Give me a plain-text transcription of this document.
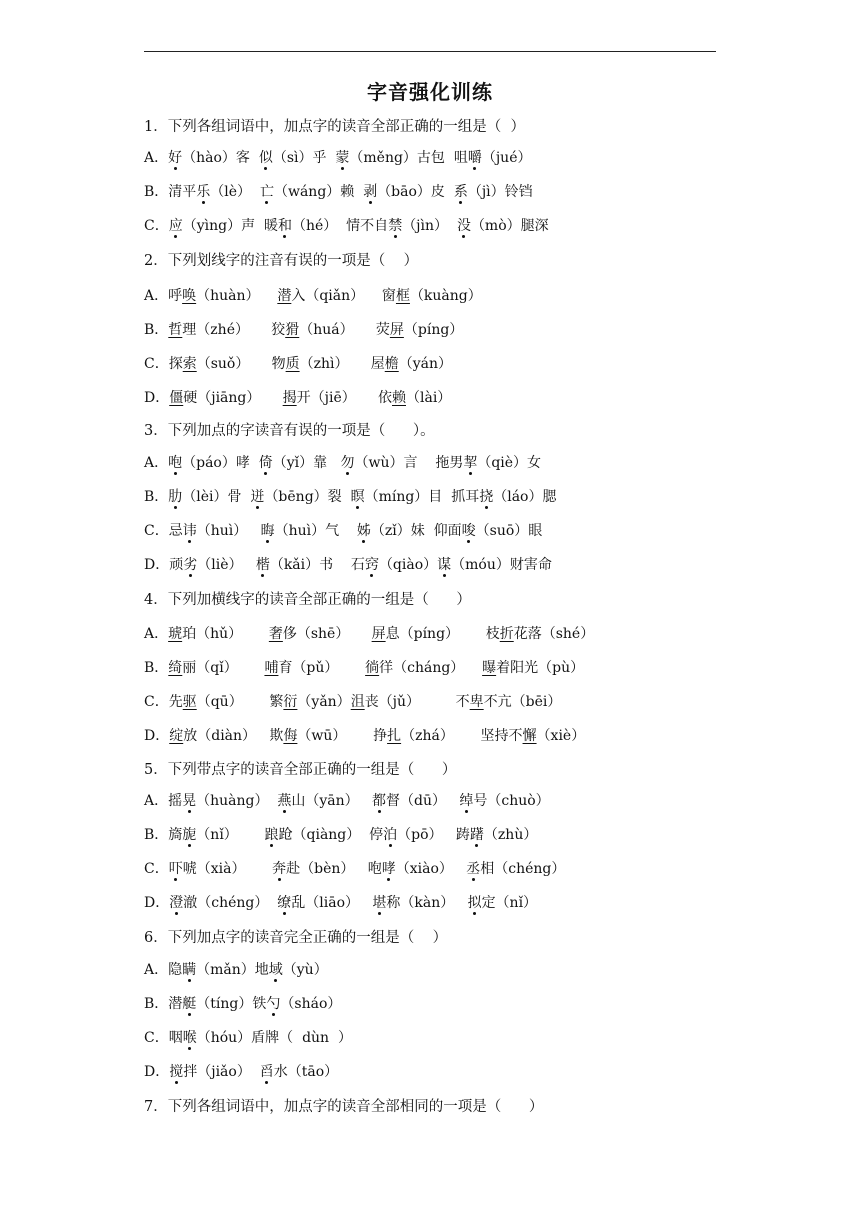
字音强化训练
1．下列各组词语中，加点字的读音全部正确的一组是（  ）
A．好（hào）客  似（sì）乎  蒙（měng）古包  咀嚼（jué）
B．清平乐（lè）  亡（wáng）赖  剥（bāo）皮  系（jì）铃铛
C．应（yìng）声  暖和（hé）  情不自禁（jìn）  没（mò）腿深
2．下列划线字的注音有误的一项是（    ）
A．呼唤（huàn）    潜入（qiǎn）    窗框（kuàng）
B．哲理（zhé）     狡猾（huá）     荧屏（píng）
C．探索（suǒ）     物质（zhì）     屋檐（yán）
D．僵硬（jiāng）     揭开（jiē）     依赖（lài）
3．下列加点的字读音有误的一项是（      ）。
A．咆（páo）哮  倚（yǐ）靠   勿（wù）言    拖男挈（qiè）女
B．肋（lèi）骨  迸（bēng）裂  瞑（míng）目  抓耳挠（láo）腮
C．忌讳（huì）   晦（huì）气    姊（zǐ）妹  仰面唆（suō）眼
D．顽劣（liè）   楷（kǎi）书    石窍（qiào）谋（móu）财害命
4．下列加横线字的读音全部正确的一组是（      ）
A．琥珀（hǔ）      奢侈（shē）     屏息（píng）      枝折花落（shé）
B．绮丽（qǐ）      哺育（pǔ）      徜徉（cháng）    曝着阳光（pù）
C．先驱（qū）      繁衍（yǎn）沮丧（jǔ）        不卑不亢（bēi）
D．绽放（diàn）   欺侮（wū）      挣扎（zhá）      坚持不懈（xiè）
5．下列带点字的读音全部正确的一组是（      ）
A．摇晃（huàng）  燕山（yān）   都督（dū）   绰号（chuò）
B．旖旎（nǐ）      踉跄（qiàng）  停泊（pō）   踌躇（zhù）
C．吓唬（xià）      奔赴（bèn）   咆哮（xiào）   丞相（chéng）
D．澄澈（chéng）  缭乱（liāo）   堪称（kàn）   拟定（nǐ）
6．下列加点字的读音完全正确的一组是（    ）
A．隐瞒（mǎn）地域（yù）
B．潜艇（tíng）铁勺（sháo）
C．咽喉（hóu）盾牌（  dùn  ）
D．搅拌（jiǎo）  舀水（tāo）
7．下列各组词语中，加点字的读音全部相同的一项是（      ）
